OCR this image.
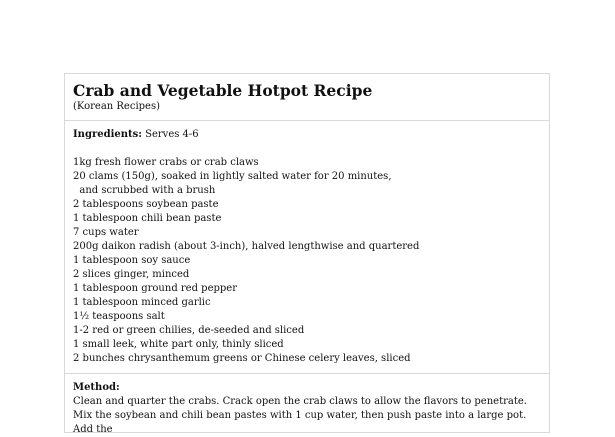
Crab and Vegetable Hotpot Recipe
(Korean Recipes)
Ingredients: Serves 4-6
1kg fresh flower crabs or crab claws
20 clams (150g), soaked in lightly salted water for 20 minutes,
and scrubbed with a brush
2 tablespoons soybean paste
1 tablespoon chili bean paste
7 cups water
200g daikon radish (about 3-inch), halved lengthwise and quartered
1 tablespoon soy sauce
2 slices ginger, minced
1 tablespoon ground red pepper
1 tablespoon minced garlic
1½ teaspoons salt
1-2 red or green chilies, de-seeded and sliced
1 small leek, white part only, thinly sliced
2 bunches chrysanthemum greens or Chinese celery leaves, sliced
Method:

Clean and quarter the crabs. Crack open the crab claws to allow the flavors to penetrate. Mix the soybean and chili bean pastes with 1 cup water, then push paste into a large pot. Add the
